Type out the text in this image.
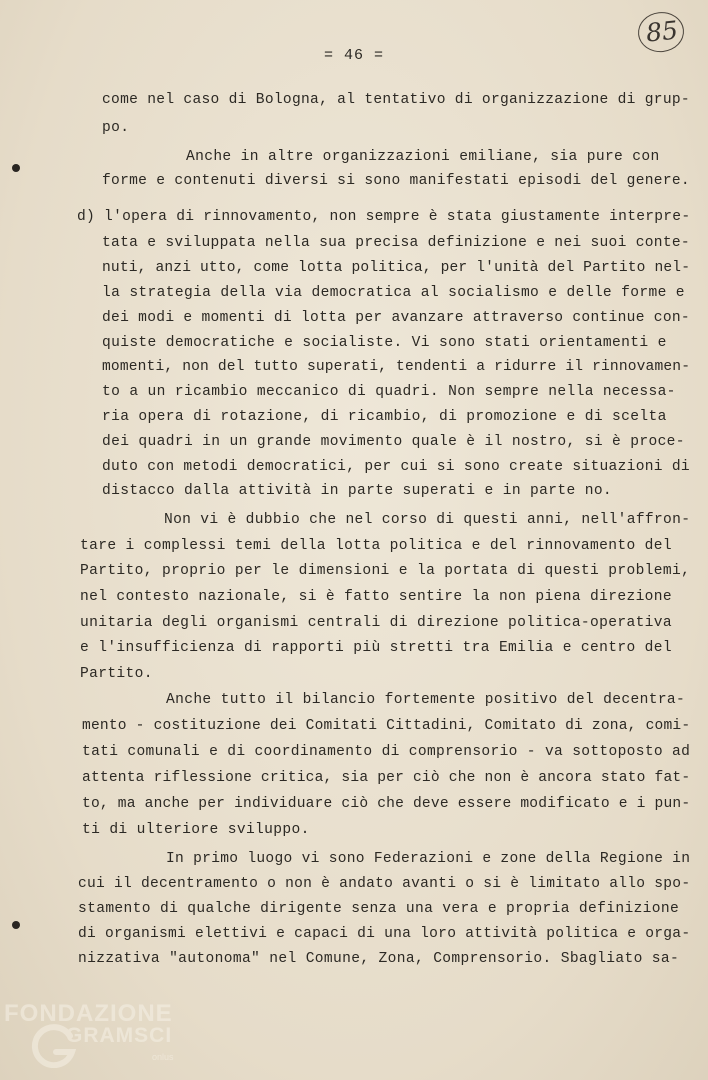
85
= 46 =
come nel caso di Bologna, al tentativo di organizzazione di grup-
po.
Anche in altre organizzazioni emiliane, sia pure con
forme e contenuti diversi si sono manifestati episodi del genere.
d) l'opera di rinnovamento, non sempre è stata giustamente interpre-
tata e sviluppata nella sua precisa definizione e nei suoi conte-
nuti, anzi utto, come lotta politica, per l'unità del Partito nel-
la strategia della via democratica al socialismo e delle forme e
dei modi e momenti di lotta per avanzare attraverso continue con-
quiste democratiche e socialiste. Vi sono stati orientamenti e
momenti, non del tutto superati, tendenti a ridurre il rinnovamen-
to a un ricambio meccanico di quadri. Non sempre nella necessa-
ria opera di rotazione, di ricambio, di promozione e di scelta
dei quadri in un grande movimento quale è il nostro, si è proce-
duto con metodi democratici, per cui si sono create situazioni di
distacco dalla attività in parte superati e in parte no.
Non vi è dubbio che nel corso di questi anni, nell'affron-
tare i complessi temi della lotta politica e del rinnovamento del
Partito, proprio per le dimensioni e la portata di questi problemi,
nel contesto nazionale, si è fatto sentire la non piena direzione
unitaria degli organismi centrali di direzione politica-operativa
e l'insufficienza di rapporti più stretti tra Emilia e centro del
Partito.
Anche tutto il bilancio fortemente positivo del decentra-
mento - costituzione dei Comitati Cittadini, Comitato di zona, comi-
tati comunali e di coordinamento di comprensorio - va sottoposto ad
attenta riflessione critica, sia per ciò che non è ancora stato fat-
to, ma anche per individuare ciò che deve essere modificato e i pun-
ti di ulteriore sviluppo.
In primo luogo vi sono Federazioni e zone della Regione in
cui il decentramento o non è andato avanti o si è limitato allo spo-
stamento di qualche dirigente senza una vera e propria definizione
di organismi elettivi e capaci di una loro attività politica e orga-
nizzativa "autonoma" nel Comune, Zona, Comprensorio. Sbagliato sa-
FONDAZIONE
GRAMSCI
onlus
